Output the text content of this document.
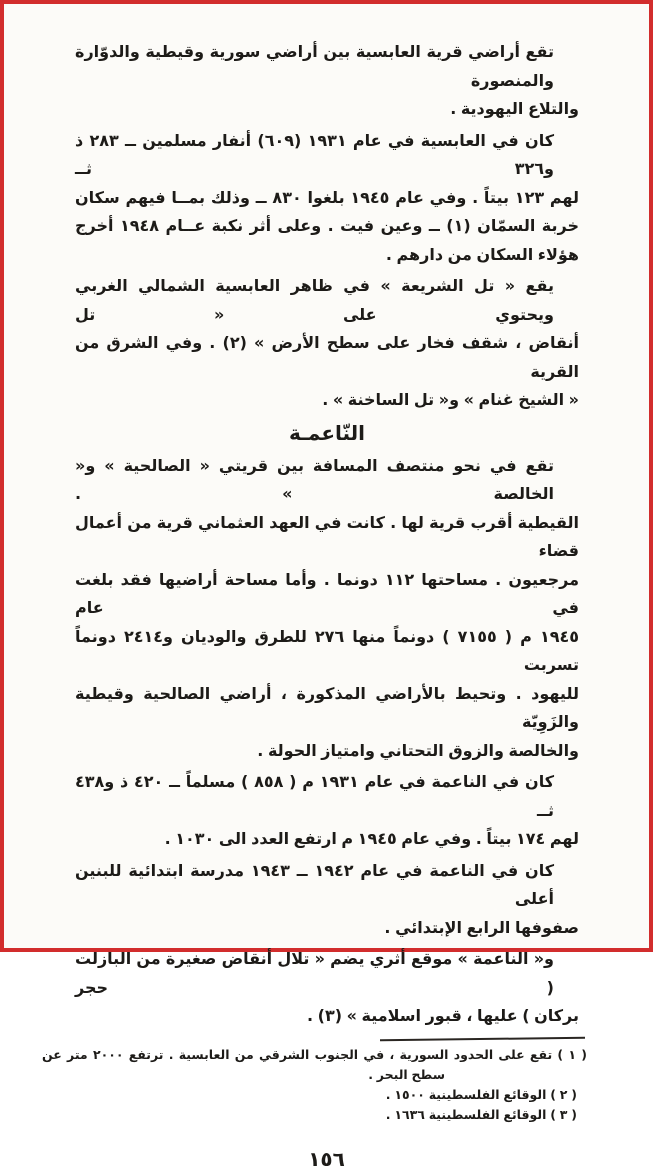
تقع أراضي قرية العابسية بين أراضي سورية وقيطية والدوّارة والمنصورة
والتلاع اليهودية .
كان في العابسية في عام ١٩٣١ (٦٠٩) أنفار مسلمين ــ ٢٨٣ ذ و٣٢٦ ثــ
لهم ١٢٣ بيتاً . وفي عام ١٩٤٥ بلغوا ٨٣٠ ــ وذلك بمــا فيهم سكان
خربة السمّان (١) ــ وعين فيت . وعلى أثر نكبة عــام ١٩٤٨ أخرج
هؤلاء السكان من دارهم .
يقع « تل الشريعة » في ظاهر العابسية الشمالي الغربي ويحتوي على « تل
أنقاض ، شقف فخار على سطح الأرض » (٢) . وفي الشرق من القرية
« الشيخ غنام » و« تل الساخنة » .
النّاعمـة
تقع في نحو منتصف المسافة بين قريتي « الصالحية » و« الخالصة » .
القيطية أقرب قرية لها . كانت في العهد العثماني قرية من أعمال قضاء
مرجعيون . مساحتها ١١٢ دونما . وأما مساحة أراضيها فقد بلغت في عام
١٩٤٥ م ( ٧١٥٥ ) دونماً منها ٢٧٦ للطرق والوديان و٢٤١٤ دونماً تسربت
لليهود . وتحيط بالأراضي المذكورة ، أراضي الصالحية وقيطية والزَوِيّة
والخالصة والزوق التحتاني وامتياز الحولة .
كان في الناعمة في عام ١٩٣١ م ( ٨٥٨ ) مسلماً ــ ٤٢٠ ذ و٤٣٨ ثــ
لهم ١٧٤ بيتاً . وفي عام ١٩٤٥ م ارتفع العدد الى ١٠٣٠ .
كان في الناعمة في عام ١٩٤٢ ــ ١٩٤٣ مدرسة ابتدائية للبنين أعلى
صفوفها الرابع الإبتدائي .
و« الناعمة » موقع أثري يضم « تلال أنقاض صغيرة من البازلت ( حجر
بركان ) عليها ، قبور اسلامية » (٣) .
( ١ ) تقع على الحدود السورية ، في الجنوب الشرقي من العابسية . ترتفع ٢٠٠٠ متر عن
سطح البحر .
( ٢ ) الوقائع الفلسطينية ١٥٠٠ .
( ٣ ) الوقائع الفلسطينية ١٦٣٦ .
١٥٦
